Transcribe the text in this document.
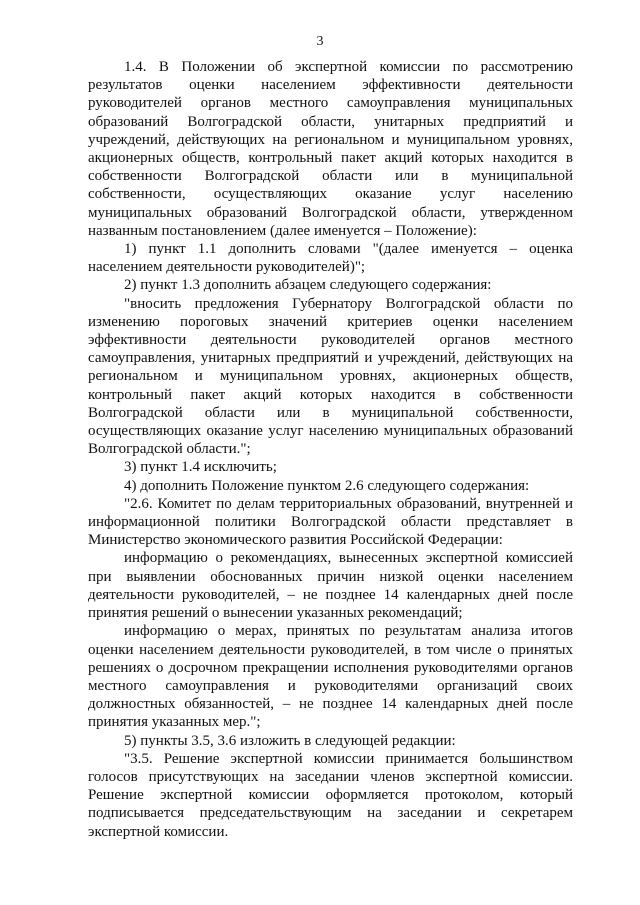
3

1.4. В Положении об экспертной комиссии по рассмотрению результатов оценки населением эффективности деятельности руководителей органов местного самоуправления муниципальных образований Волгоградской области, унитарных предприятий и учреждений, действующих на региональном и муниципальном уровнях, акционерных обществ, контрольный пакет акций которых находится в собственности Волгоградской области или в муниципальной собственности, осуществляющих оказание услуг населению муниципальных образований Волгоградской области, утвержденном названным постановлением (далее именуется – Положение):

1) пункт 1.1 дополнить словами "(далее именуется – оценка населением деятельности руководителей)";

2) пункт 1.3 дополнить абзацем следующего содержания:

"вносить предложения Губернатору Волгоградской области по изменению пороговых значений критериев оценки населением эффективности деятельности руководителей органов местного самоуправления, унитарных предприятий и учреждений, действующих на региональном и муниципальном уровнях, акционерных обществ, контрольный пакет акций которых находится в собственности Волгоградской области или в муниципальной собственности, осуществляющих оказание услуг населению муниципальных образований Волгоградской области.";

3) пункт 1.4 исключить;

4) дополнить Положение пунктом 2.6 следующего содержания:

"2.6. Комитет по делам территориальных образований, внутренней и информационной политики Волгоградской области представляет в Министерство экономического развития Российской Федерации:

информацию о рекомендациях, вынесенных экспертной комиссией при выявлении обоснованных причин низкой оценки населением деятельности руководителей, – не позднее 14 календарных дней после принятия решений о вынесении указанных рекомендаций;

информацию о мерах, принятых по результатам анализа итогов оценки населением деятельности руководителей, в том числе о принятых решениях о досрочном прекращении исполнения руководителями органов местного самоуправления и руководителями организаций своих должностных обязанностей, – не позднее 14 календарных дней после принятия указанных мер.";

5) пункты 3.5, 3.6 изложить в следующей редакции:

"3.5. Решение экспертной комиссии принимается большинством голосов присутствующих на заседании членов экспертной комиссии. Решение экспертной комиссии оформляется протоколом, который подписывается председательствующим на заседании и секретарем экспертной комиссии.
